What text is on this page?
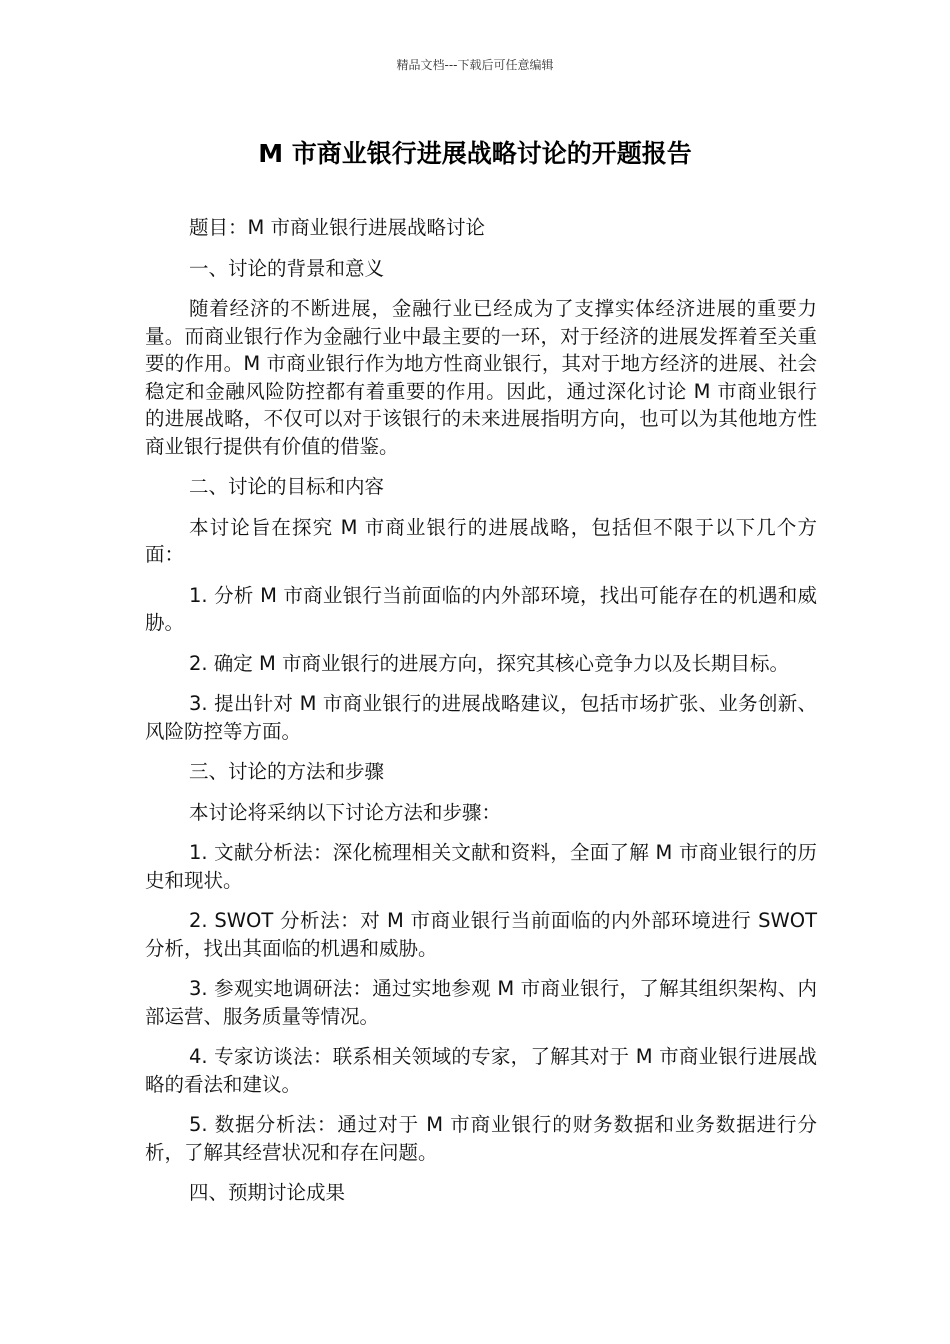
精品文档---下载后可任意编辑
M 市商业银行进展战略讨论的开题报告

题目：M 市商业银行进展战略讨论

一、讨论的背景和意义

随着经济的不断进展，金融行业已经成为了支撑实体经济进展的重要力量。而商业银行作为金融行业中最主要的一环，对于经济的进展发挥着至关重要的作用。M 市商业银行作为地方性商业银行，其对于地方经济的进展、社会稳定和金融风险防控都有着重要的作用。因此，通过深化讨论 M 市商业银行的进展战略，不仅可以对于该银行的未来进展指明方向，也可以为其他地方性商业银行提供有价值的借鉴。

二、讨论的目标和内容

本讨论旨在探究 M 市商业银行的进展战略，包括但不限于以下几个方面：

1. 分析 M 市商业银行当前面临的内外部环境，找出可能存在的机遇和威胁。

2. 确定 M 市商业银行的进展方向，探究其核心竞争力以及长期目标。

3. 提出针对 M 市商业银行的进展战略建议，包括市场扩张、业务创新、风险防控等方面。

三、讨论的方法和步骤

本讨论将采纳以下讨论方法和步骤：

1. 文献分析法：深化梳理相关文献和资料，全面了解 M 市商业银行的历史和现状。

2. SWOT 分析法：对 M 市商业银行当前面临的内外部环境进行 SWOT 分析，找出其面临的机遇和威胁。

3. 参观实地调研法：通过实地参观 M 市商业银行，了解其组织架构、内部运营、服务质量等情况。

4. 专家访谈法：联系相关领域的专家，了解其对于 M 市商业银行进展战略的看法和建议。

5. 数据分析法：通过对于 M 市商业银行的财务数据和业务数据进行分析，了解其经营状况和存在问题。

四、预期讨论成果
